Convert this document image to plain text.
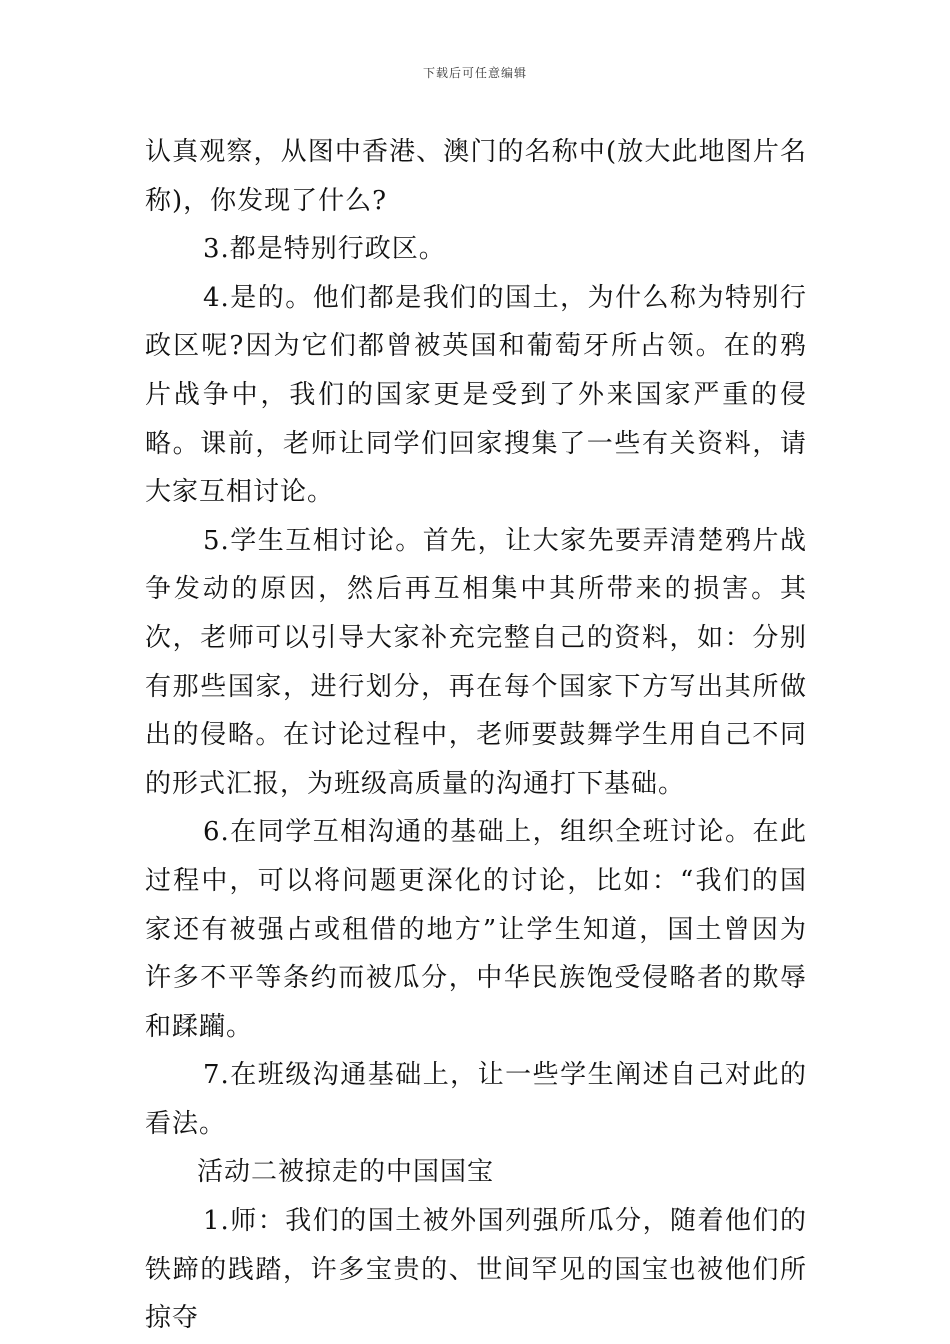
下载后可任意编辑

认真观察，从图中香港、澳门的名称中(放大此地图片名称)，你发现了什么?

3.都是特别行政区。

4.是的。他们都是我们的国土，为什么称为特别行政区呢?因为它们都曾被英国和葡萄牙所占领。在的鸦片战争中，我们的国家更是受到了外来国家严重的侵略。课前，老师让同学们回家搜集了一些有关资料，请大家互相讨论。

5.学生互相讨论。首先，让大家先要弄清楚鸦片战争发动的原因，然后再互相集中其所带来的损害。其次，老师可以引导大家补充完整自己的资料，如：分别有那些国家，进行划分，再在每个国家下方写出其所做出的侵略。在讨论过程中，老师要鼓舞学生用自己不同的形式汇报，为班级高质量的沟通打下基础。

6.在同学互相沟通的基础上，组织全班讨论。在此过程中，可以将问题更深化的讨论，比如：“我们的国家还有被强占或租借的地方”让学生知道，国土曾因为许多不平等条约而被瓜分，中华民族饱受侵略者的欺辱和蹂躏。

7.在班级沟通基础上，让一些学生阐述自己对此的看法。

活动二被掠走的中国国宝

1.师：我们的国土被外国列强所瓜分，随着他们的铁蹄的践踏，许多宝贵的、世间罕见的国宝也被他们所掠夺
